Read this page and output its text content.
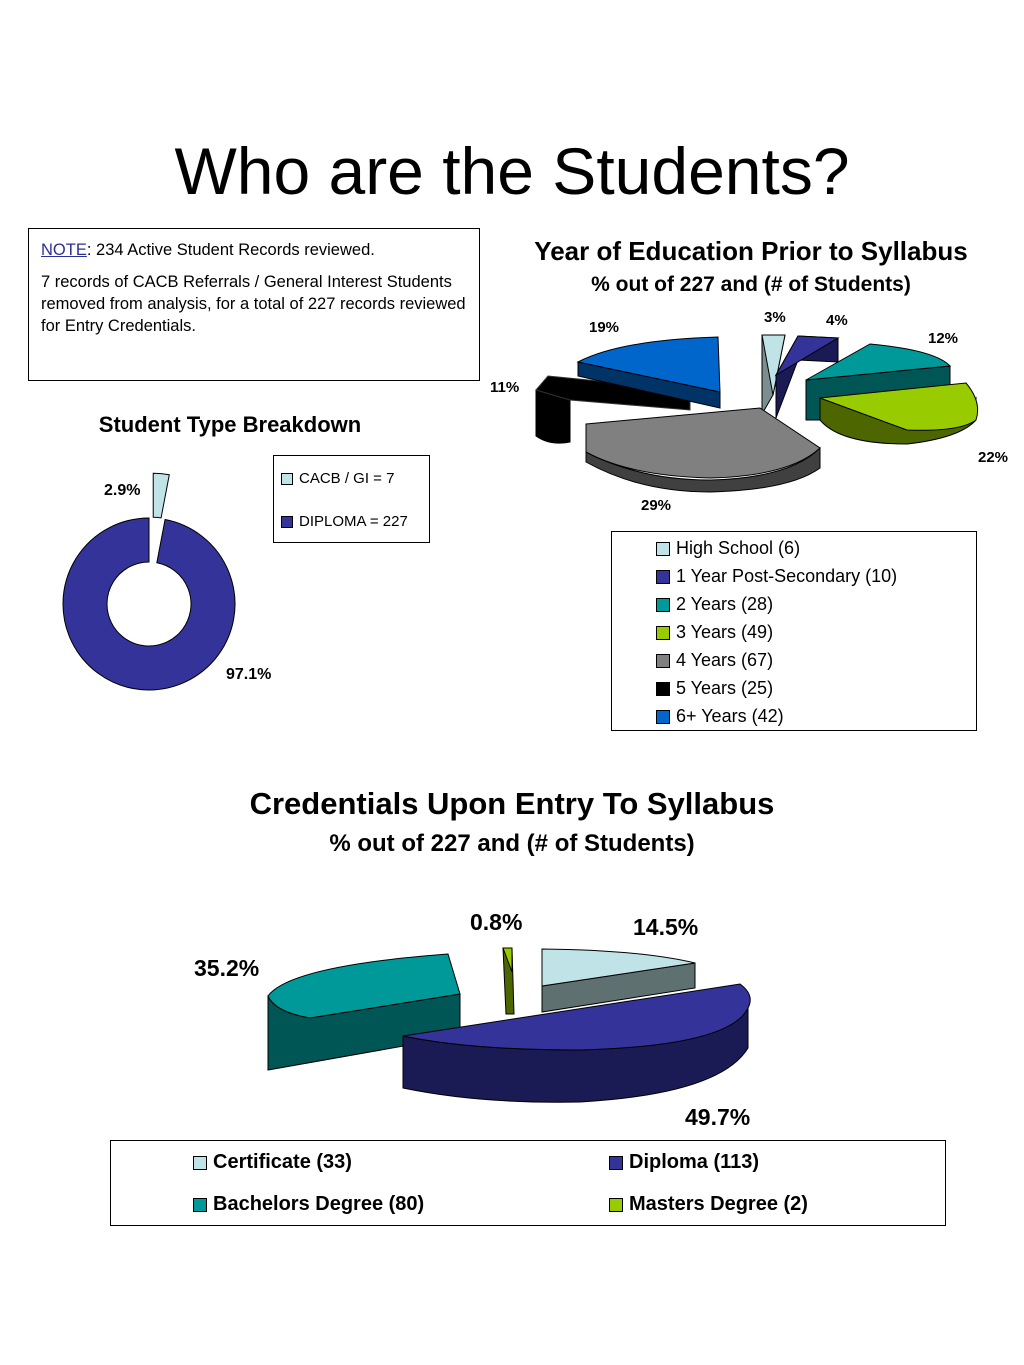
Who are the Students?

NOTE: 234 Active Student Records reviewed.

7 records of CACB Referrals / General Interest Students removed from analysis, for a total of 227 records reviewed for Entry Credentials.

Student Type Breakdown
2.9%
97.1%
CACB / GI = 7
DIPLOMA = 227
Year of Education Prior to Syllabus
% out of 227 and (# of Students)
3%	4%
12%
22%
29%
11%
19%
High School (6)
1 Year Post-Secondary (10)
2 Years (28)
3 Years (49)
4 Years (67)
5 Years (25)
6+ Years (42)
Credentials Upon Entry To Syllabus
% out of 227 and (# of Students)
14.5%
49.7%
0.8%
35.2%
Certificate (33)	Diploma (113)
Bachelors Degree (80)	Masters Degree (2)
